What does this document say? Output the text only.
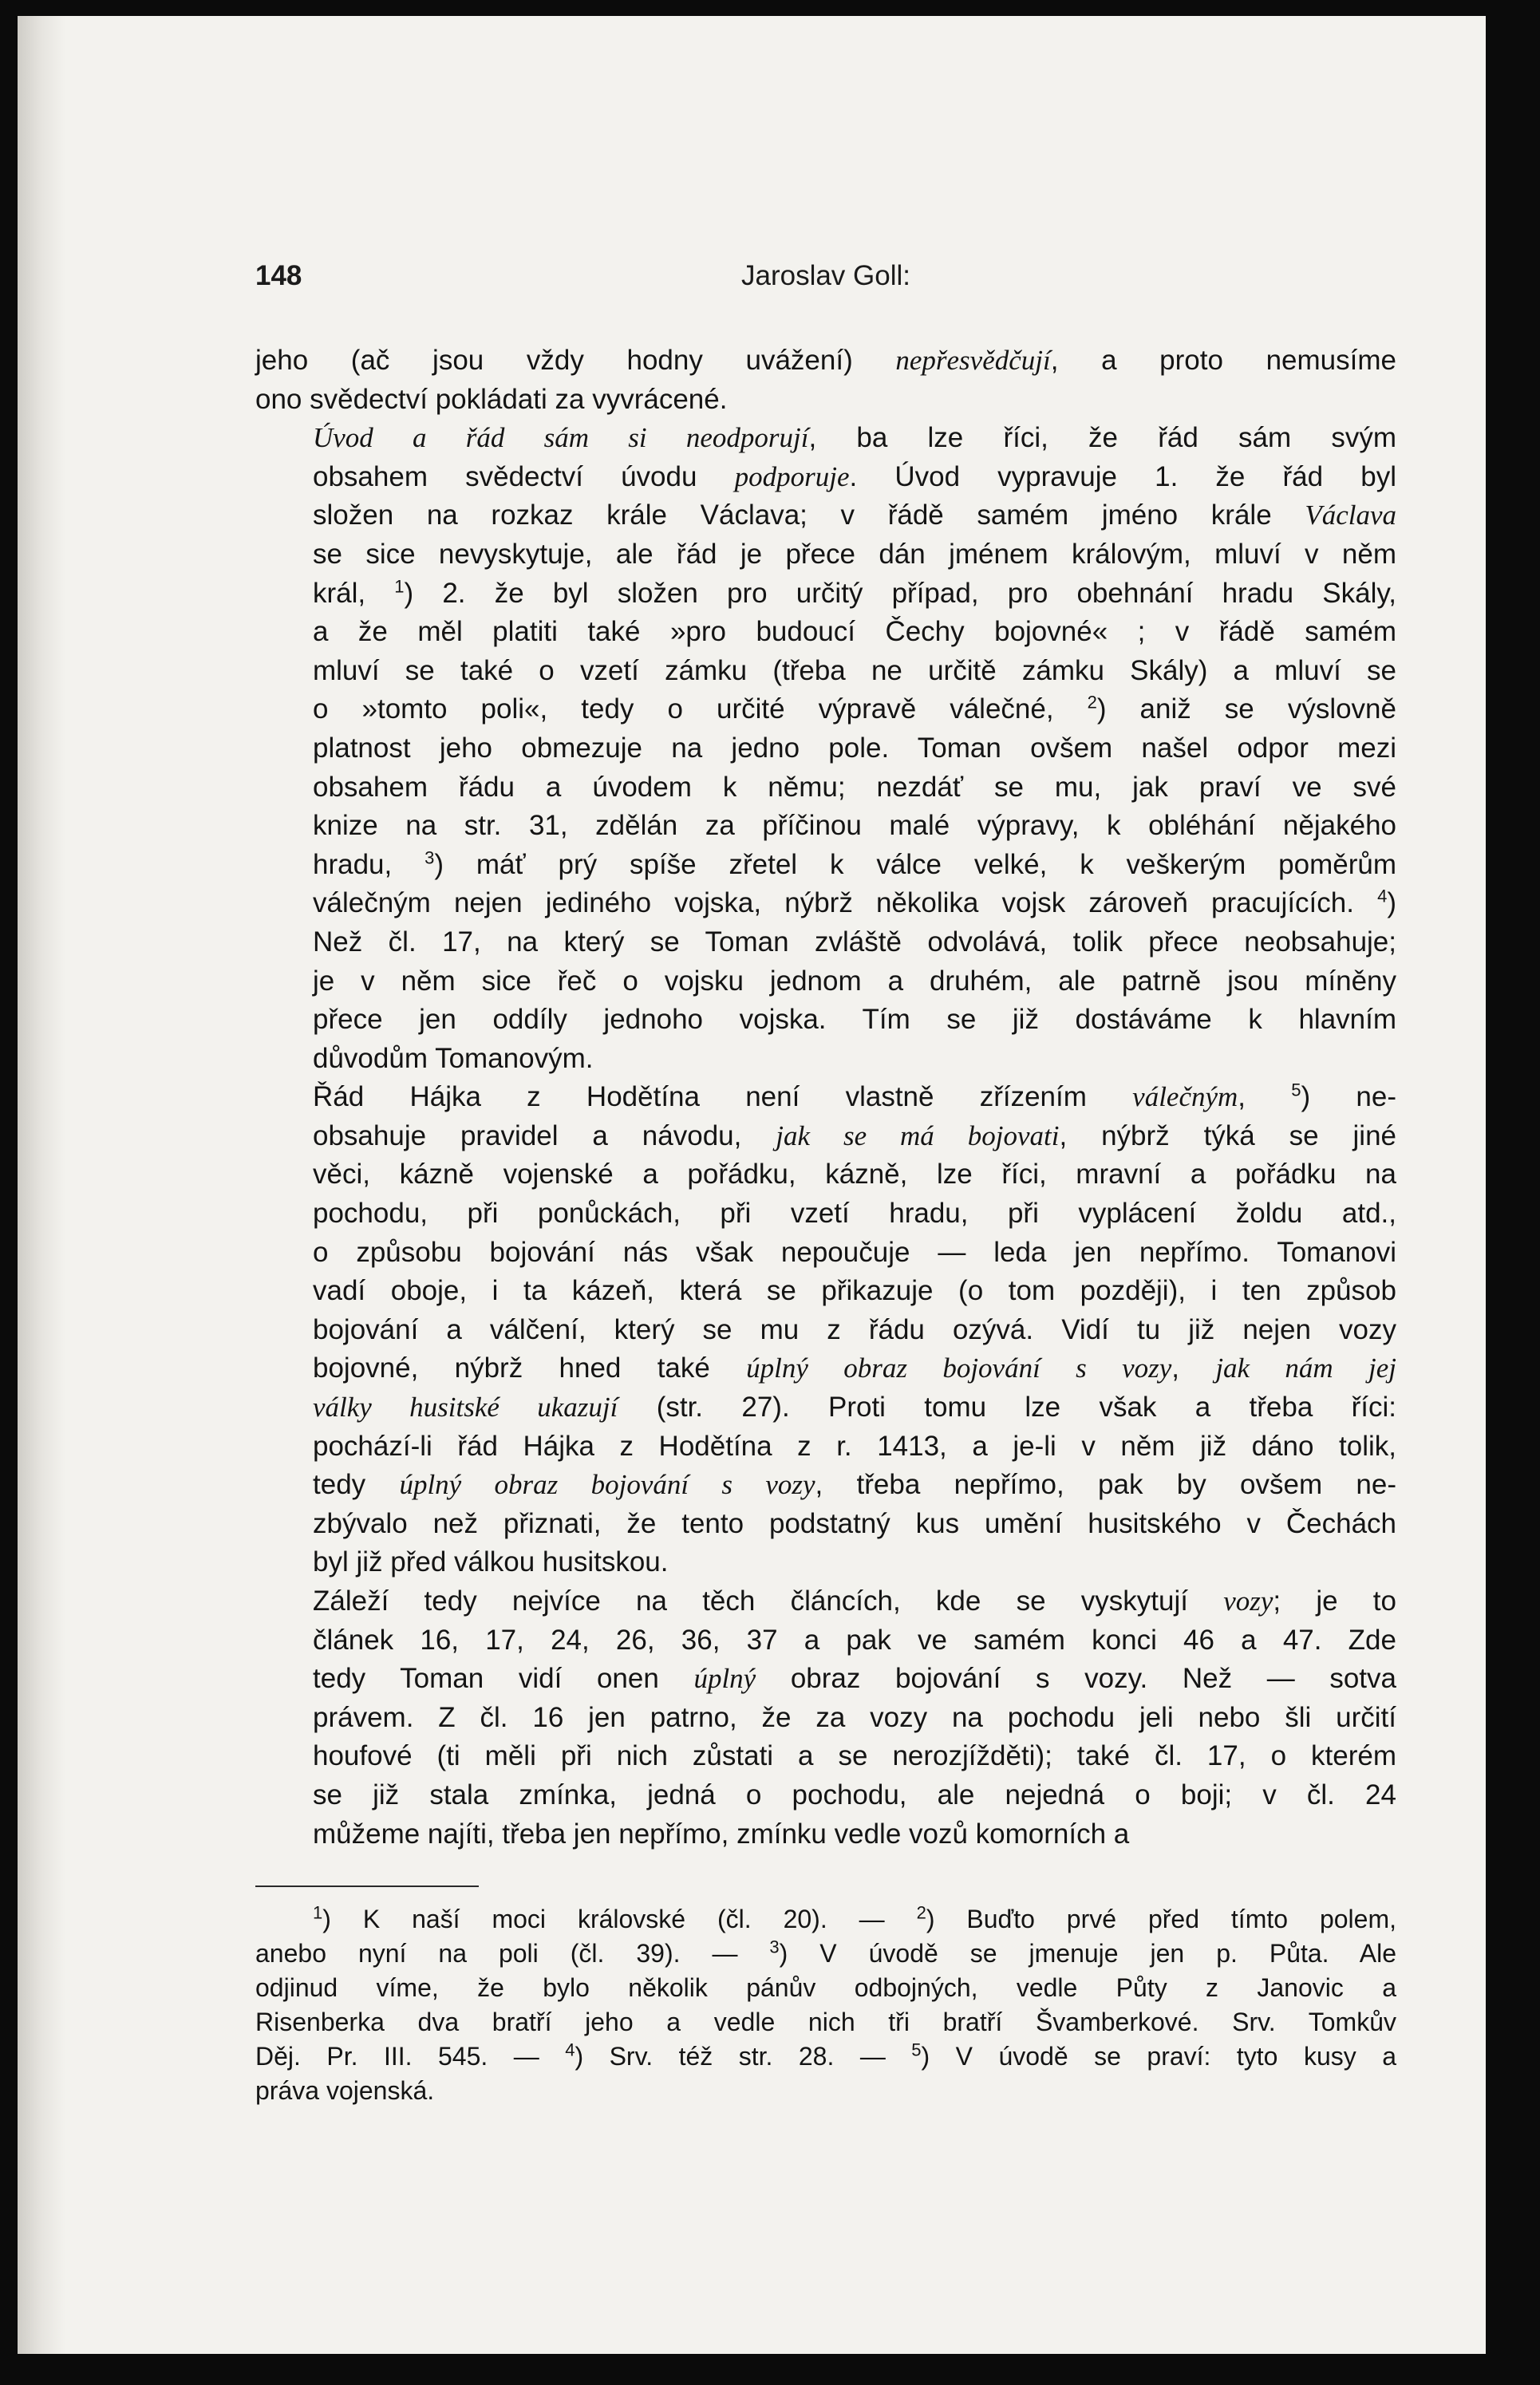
148	Jaroslav Goll:

jeho (ač jsou vždy hodny uvážení) nepřesvědčují, a proto nemusíme
ono svědectví pokládati za vyvrácené.

Úvod a řád sám si neodporují, ba lze říci, že řád sám svým
obsahem svědectví úvodu podporuje. Úvod vypravuje 1. že řád byl
složen na rozkaz krále Václava; v řádě samém jméno krále Václava
se sice nevyskytuje, ale řád je přece dán jménem královým, mluví v něm
král, $^1$) 2. že byl složen pro určitý případ, pro obehnání hradu Skály,
a že měl platiti také »pro budoucí Čechy bojovné« ; v řádě samém
mluví se také o vzetí zámku (třeba ne určitě zámku Skály) a mluví se
o »tomto poli«, tedy o určité výpravě válečné, $^2$) aniž se výslovně
platnost jeho obmezuje na jedno pole. Toman ovšem našel odpor mezi
obsahem řádu a úvodem k němu; nezdáť se mu, jak praví ve své
knize na str. 31, zdělán za příčinou malé výpravy, k obléhání nějakého
hradu, $^3$) máť prý spíše zřetel k válce velké, k veškerým poměrům
válečným nejen jediného vojska, nýbrž několika vojsk zároveň pracujících. $^4$)
Než čl. 17, na který se Toman zvláště odvolává, tolik přece neobsahuje;
je v něm sice řeč o vojsku jednom a druhém, ale patrně jsou míněny
přece jen oddíly jednoho vojska. Tím se již dostáváme k hlavním
důvodům Tomanovým.

Řád Hájka z Hodětína není vlastně zřízením válečným, $^5$) ne-
obsahuje pravidel a návodu, jak se má bojovati, nýbrž týká se jiné
věci, kázně vojenské a pořádku, kázně, lze říci, mravní a pořádku na
pochodu, při ponůckách, při vzetí hradu, při vyplácení žoldu atd.,
o způsobu bojování nás však nepoučuje — leda jen nepřímo. Tomanovi
vadí oboje, i ta kázeň, která se přikazuje (o tom později), i ten způsob
bojování a válčení, který se mu z řádu ozývá. Vidí tu již nejen vozy
bojovné, nýbrž hned také úplný obraz bojování s vozy, jak nám jej
války husitské ukazují (str. 27). Proti tomu lze však a třeba říci:
pochází-li řád Hájka z Hodětína z r. 1413, a je-li v něm již dáno tolik,
tedy úplný obraz bojování s vozy, třeba nepřímo, pak by ovšem ne-
zbývalo než přiznati, že tento podstatný kus umění husitského v Čechách
byl již před válkou husitskou.

Záleží tedy nejvíce na těch článcích, kde se vyskytují vozy; je to
článek 16, 17, 24, 26, 36, 37 a pak ve samém konci 46 a 47. Zde
tedy Toman vidí onen úplný obraz bojování s vozy. Než — sotva
právem. Z čl. 16 jen patrno, že za vozy na pochodu jeli nebo šli určití
houfové (ti měli při nich zůstati a se nerozjížděti); také čl. 17, o kterém
se již stala zmínka, jedná o pochodu, ale nejedná o boji; v čl. 24
můžeme najíti, třeba jen nepřímo, zmínku vedle vozů komorních a

$^1$) K naší moci královské (čl. 20). — $^2$) Buďto prvé před tímto polem,
anebo nyní na poli (čl. 39). — $^3$) V úvodě se jmenuje jen p. Půta. Ale
odjinud víme, že bylo několik pánův odbojných, vedle Půty z Janovic a
Risenberka dva bratří jeho a vedle nich tři bratří Švamberkové. Srv. Tomkův
Děj. Pr. III. 545. — $^4$) Srv. též str. 28. — $^5$) V úvodě se praví: tyto kusy a
práva vojenská.
